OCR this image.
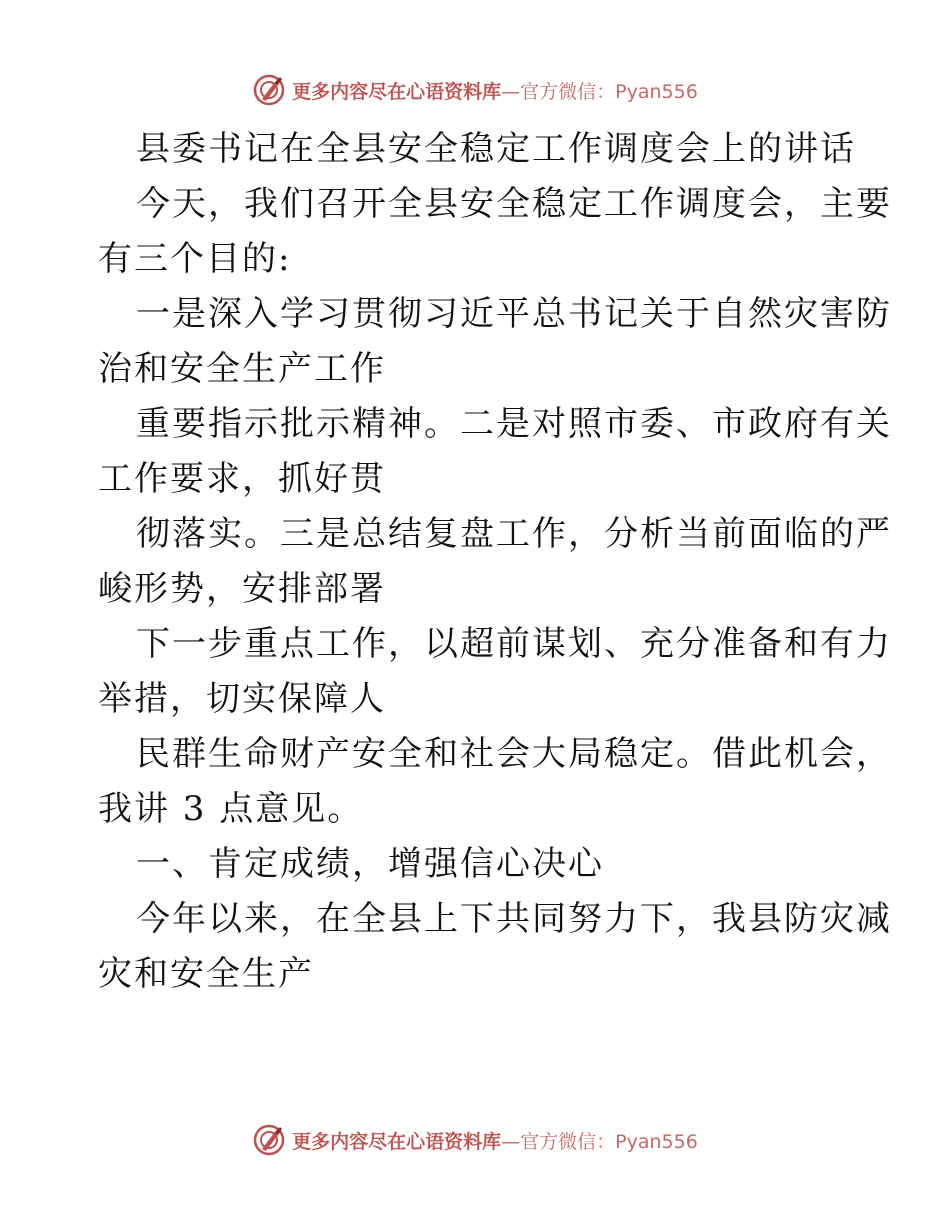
更多内容尽在心语资料库—官方微信：Pyan556
县委书记在全县安全稳定工作调度会上的讲话
今天，我们召开全县安全稳定工作调度会，主要
有三个目的:
一是深入学习贯彻习近平总书记关于自然灾害防
治和安全生产工作
重要指示批示精神。二是对照市委、市政府有关
工作要求，抓好贯
彻落实。三是总结复盘工作，分析当前面临的严
峻形势，安排部署
下一步重点工作，以超前谋划、充分准备和有力
举措，切实保障人
民群生命财产安全和社会大局稳定。借此机会，
我讲 3 点意见。
一、肯定成绩，增强信心决心
今年以来，在全县上下共同努力下，我县防灾减
灾和安全生产
更多内容尽在心语资料库—官方微信：Pyan556
